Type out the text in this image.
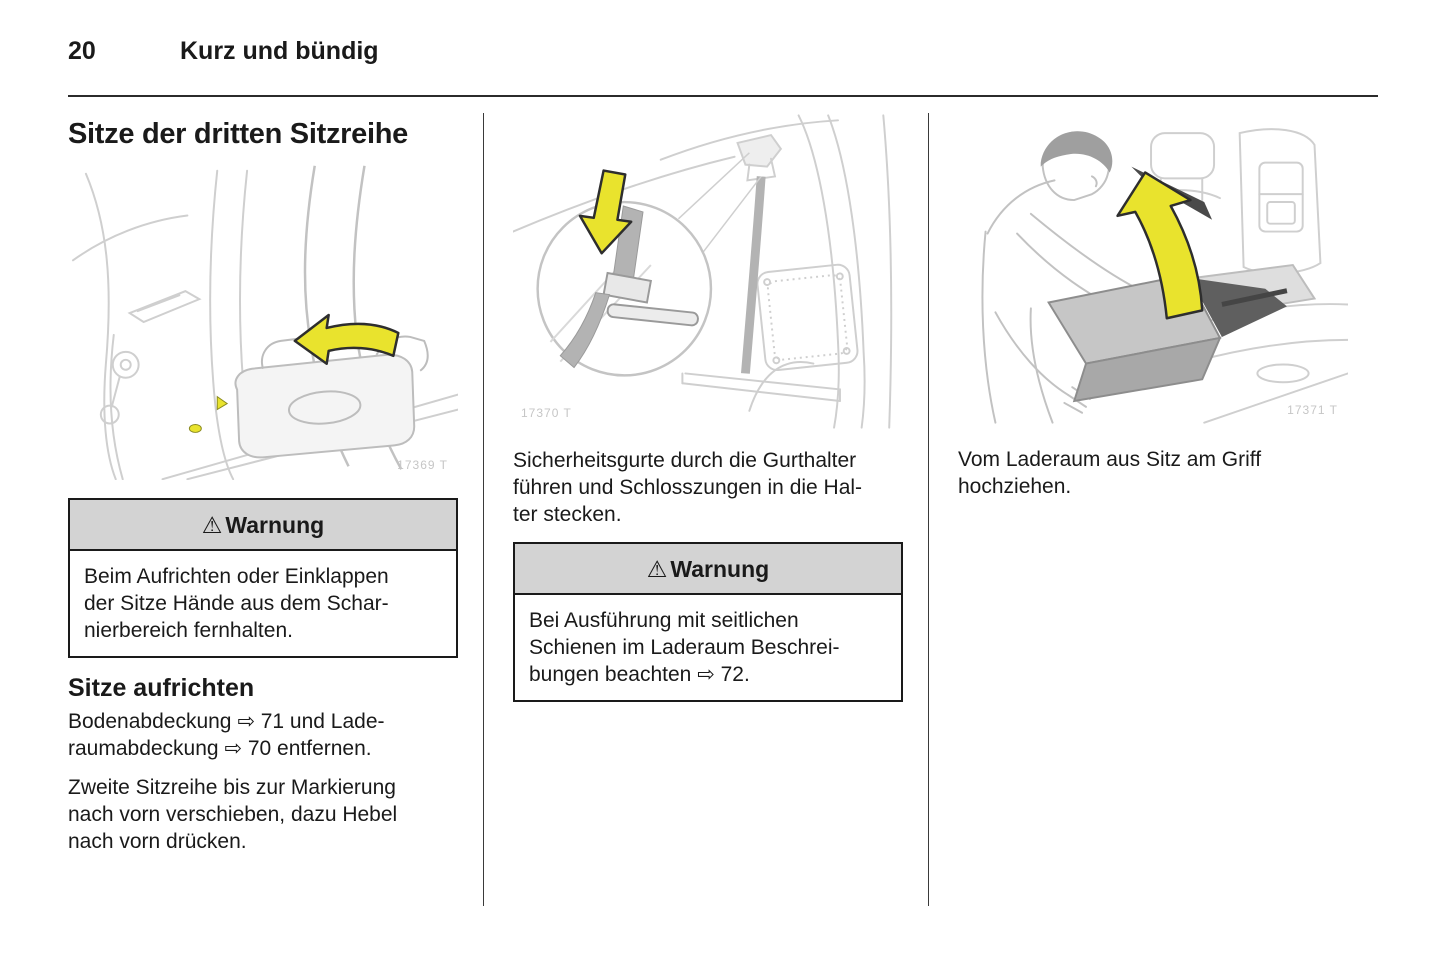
20	Kurz und bündig
Sitze der dritten Sitzreihe
17369 T
⚠ Warnung
Beim Aufrichten oder Einklappen
der Sitze Hände aus dem Schar-
nierbereich fernhalten.
Sitze aufrichten
Bodenabdeckung ⇨ 71 und Lade-
raumabdeckung ⇨ 70 entfernen.
Zweite Sitzreihe bis zur Markierung
nach vorn verschieben, dazu Hebel
nach vorn drücken.
17370 T
Sicherheitsgurte durch die Gurthalter
führen und Schlosszungen in die Hal-
ter stecken.
⚠ Warnung
Bei Ausführung mit seitlichen
Schienen im Laderaum Beschrei-
bungen beachten ⇨ 72.
17371 T
Vom Laderaum aus Sitz am Griff
hochziehen.
